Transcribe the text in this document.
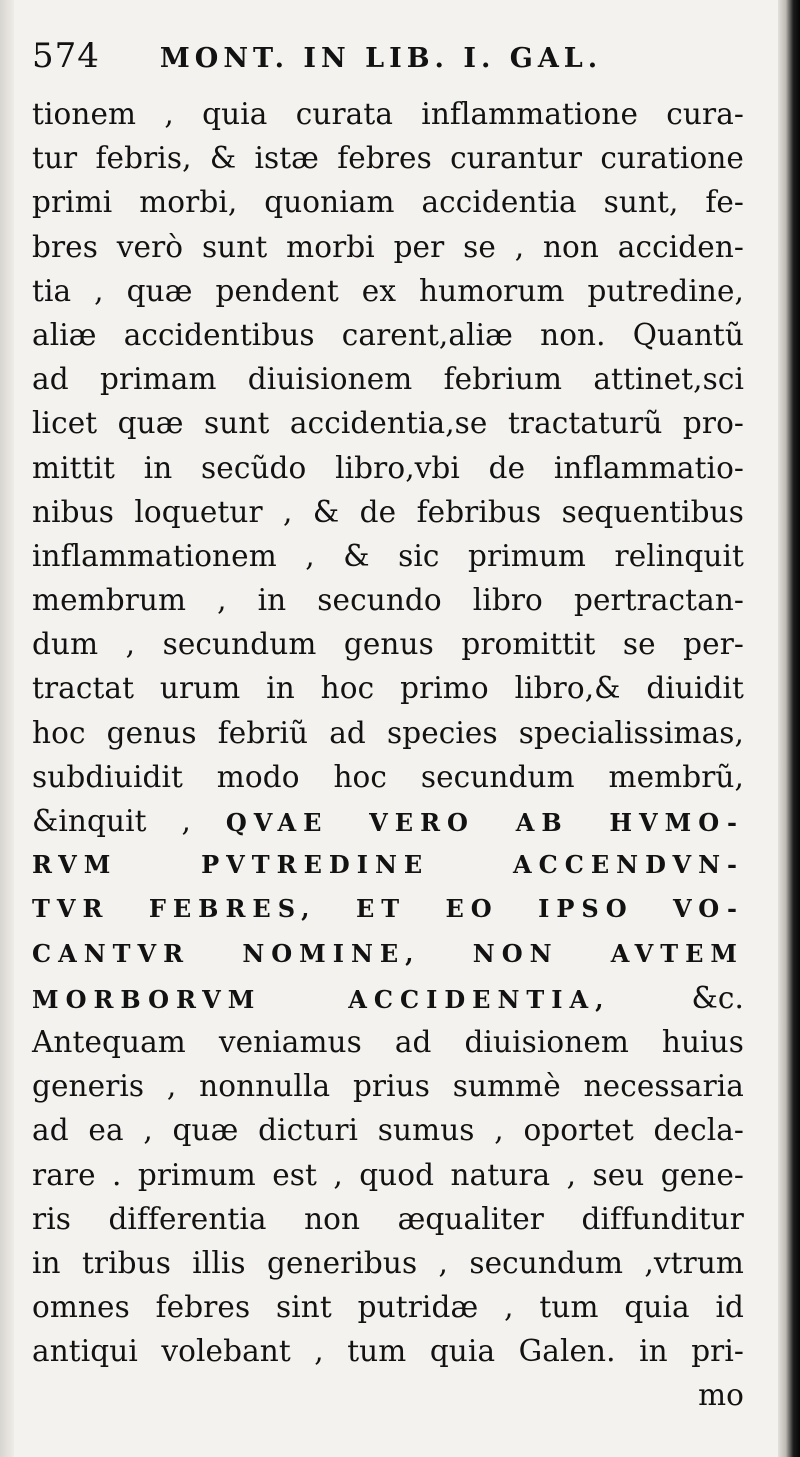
574 MONT. IN LIB. I. GAL.
tionem , quia curata inflammatione cura-
tur febris, & istæ febres curantur curatione
primi morbi, quoniam accidentia sunt, fe-
bres verò sunt morbi per se , non acciden-
tia , quæ pendent ex humorum putredine,
aliæ accidentibus carent,aliæ non. Quantũ
ad primam diuisionem febrium attinet,sci
licet quæ sunt accidentia,se tractaturũ pro-
mittit in secũdo libro,vbi de inflammatio-
nibus loquetur , & de febribus sequentibus
inflammationem , & sic primum relinquit
membrum , in secundo libro pertractan-
dum , secundum genus promittit se per-
tractat urum in hoc primo libro,& diuidit
hoc genus febriũ ad species specialissimas,
subdiuidit modo hoc secundum membrũ,
&inquit , QVAE VERO AB HVMO-
RVM PVTREDINE ACCENDVN-
TVR FEBRES, ET EO IPSO VO-
CANTVR NOMINE, NON AVTEM
MORBORVM ACCIDENTIA,	&c.
Antequam veniamus ad diuisionem huius
generis , nonnulla prius summè necessaria
ad ea , quæ dicturi sumus , oportet decla-
rare . primum est , quod natura , seu gene-
ris differentia non æqualiter diffunditur
in tribus illis generibus , secundum ,vtrum
omnes febres sint putridæ , tum quia id
antiqui volebant , tum quia Galen. in pri-
mo
